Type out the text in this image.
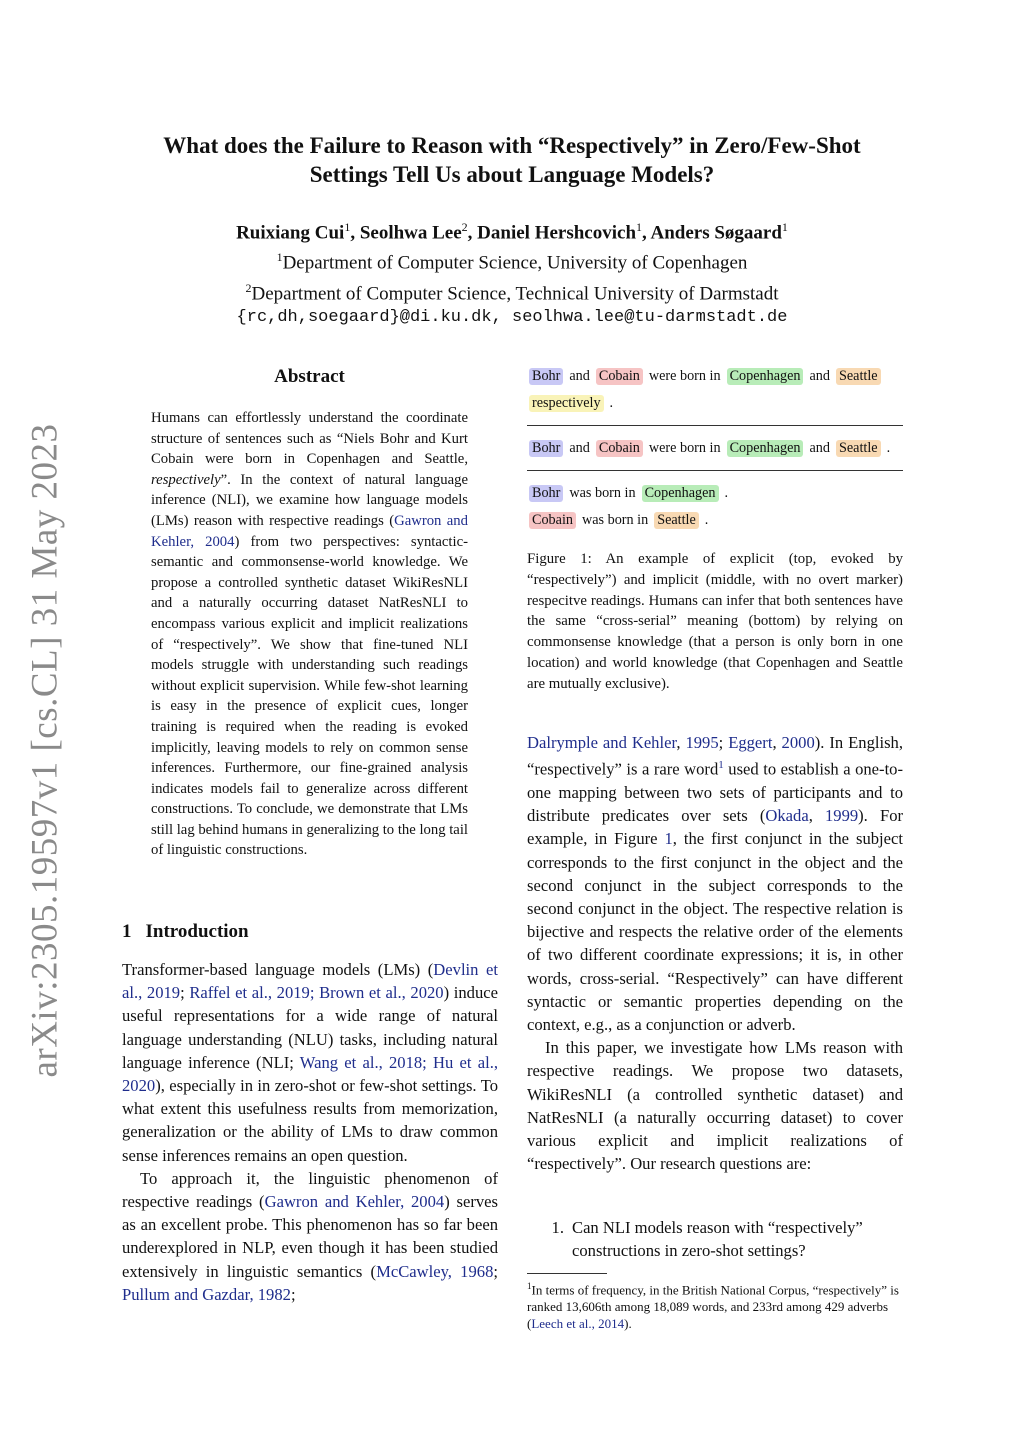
arXiv:2305.19597v1 [cs.CL] 31 May 2023
What does the Failure to Reason with “Respectively” in Zero/Few-Shot
Settings Tell Us about Language Models?
Ruixiang Cui$^1$, Seolhwa Lee$^2$, Daniel Hershcovich$^1$, Anders Søgaard$^1$
$^1$Department of Computer Science, University of Copenhagen
$^2$Department of Computer Science, Technical University of Darmstadt
{rc,dh,soegaard}@di.ku.dk, seolhwa.lee@tu-darmstadt.de
Abstract
Humans can effortlessly understand the coordinate structure of sentences such as “Niels Bohr and Kurt Cobain were born in Copenhagen and Seattle, respectively”. In the context of natural language inference (NLI), we examine how language models (LMs) reason with respective readings (Gawron and Kehler, 2004) from two perspectives: syntactic-semantic and commonsense-world knowledge. We propose a controlled synthetic dataset WikiResNLI and a naturally occurring dataset NatResNLI to encompass various explicit and implicit realizations of “respectively”. We show that fine-tuned NLI models struggle with understanding such readings without explicit supervision. While few-shot learning is easy in the presence of explicit cues, longer training is required when the reading is evoked implicitly, leaving models to rely on common sense inferences. Furthermore, our fine-grained analysis indicates models fail to generalize across different constructions. To conclude, we demonstrate that LMs still lag behind humans in generalizing to the long tail of linguistic constructions.
1 Introduction

Transformer-based language models (LMs) (Devlin et al., 2019; Raffel et al., 2019; Brown et al., 2020) induce useful representations for a wide range of natural language understanding (NLU) tasks, including natural language inference (NLI; Wang et al., 2018; Hu et al., 2020), especially in in zero-shot or few-shot settings. To what extent this usefulness results from memorization, generalization or the ability of LMs to draw common sense inferences remains an open question.

To approach it, the linguistic phenomenon of respective readings (Gawron and Kehler, 2004) serves as an excellent probe. This phenomenon has so far been underexplored in NLP, even though it has been studied extensively in linguistic semantics (McCawley, 1968; Pullum and Gazdar, 1982;

Bohr and Cobain were born in Copenhagen and Seattle
respectively .
Bohr and Cobain were born in Copenhagen and Seattle .
Bohr was born in Copenhagen .
Cobain was born in Seattle .
Figure 1: An example of explicit (top, evoked by “respectively”) and implicit (middle, with no overt marker) respecitve readings. Humans can infer that both sentences have the same “cross-serial” meaning (bottom) by relying on commonsense knowledge (that a person is only born in one location) and world knowledge (that Copenhagen and Seattle are mutually exclusive).

Dalrymple and Kehler, 1995; Eggert, 2000). In English, “respectively” is a rare word$^1$ used to establish a one-to-one mapping between two sets of participants and to distribute predicates over sets (Okada, 1999). For example, in Figure 1, the first conjunct in the subject corresponds to the first conjunct in the object and the second conjunct in the subject corresponds to the second conjunct in the object. The respective relation is bijective and respects the relative order of the elements of two different coordinate expressions; it is, in other words, cross-serial. “Respectively” can have different syntactic or semantic properties depending on the context, e.g., as a conjunction or adverb.

In this paper, we investigate how LMs reason with respective readings. We propose two datasets, WikiResNLI (a controlled synthetic dataset) and NatResNLI (a naturally occurring dataset) to cover various explicit and implicit realizations of “respectively”. Our research questions are:

1. Can NLI models reason with “respectively” constructions in zero-shot settings?
$^1$In terms of frequency, in the British National Corpus, “respectively” is ranked 13,606th among 18,089 words, and 233rd among 429 adverbs (Leech et al., 2014).
